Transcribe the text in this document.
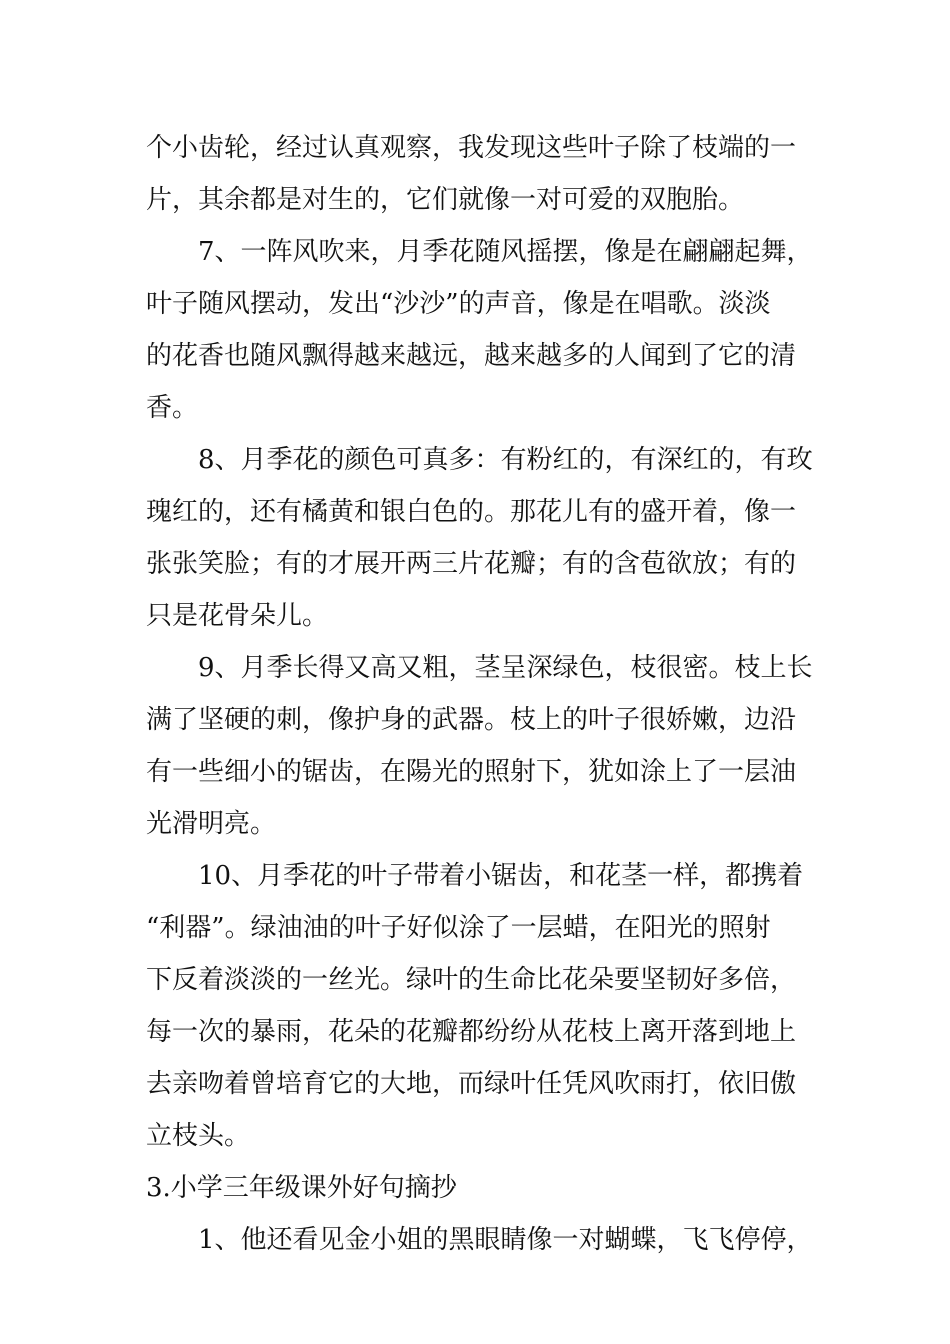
个小齿轮，经过认真观察，我发现这些叶子除了枝端的一
片，其余都是对生的，它们就像一对可爱的双胞胎。
7、一阵风吹来，月季花随风摇摆，像是在翩翩起舞，
叶子随风摆动，发出“沙沙”的声音，像是在唱歌。淡淡
的花香也随风飘得越来越远，越来越多的人闻到了它的清
香。
8、月季花的颜色可真多：有粉红的，有深红的，有玫
瑰红的，还有橘黄和银白色的。那花儿有的盛开着，像一
张张笑脸；有的才展开两三片花瓣；有的含苞欲放；有的
只是花骨朵儿。
9、月季长得又高又粗，茎呈深绿色，枝很密。枝上长
满了坚硬的刺，像护身的武器。枝上的叶子很娇嫩，边沿
有一些细小的锯齿，在陽光的照射下，犹如涂上了一层油
光滑明亮。
10、月季花的叶子带着小锯齿，和花茎一样，都携着
“利器”。绿油油的叶子好似涂了一层蜡，在阳光的照射
下反着淡淡的一丝光。绿叶的生命比花朵要坚韧好多倍，
每一次的暴雨，花朵的花瓣都纷纷从花枝上离开落到地上
去亲吻着曾培育它的大地，而绿叶任凭风吹雨打，依旧傲
立枝头。
3.小学三年级课外好句摘抄
1、他还看见金小姐的黑眼睛像一对蝴蝶，飞飞停停，
